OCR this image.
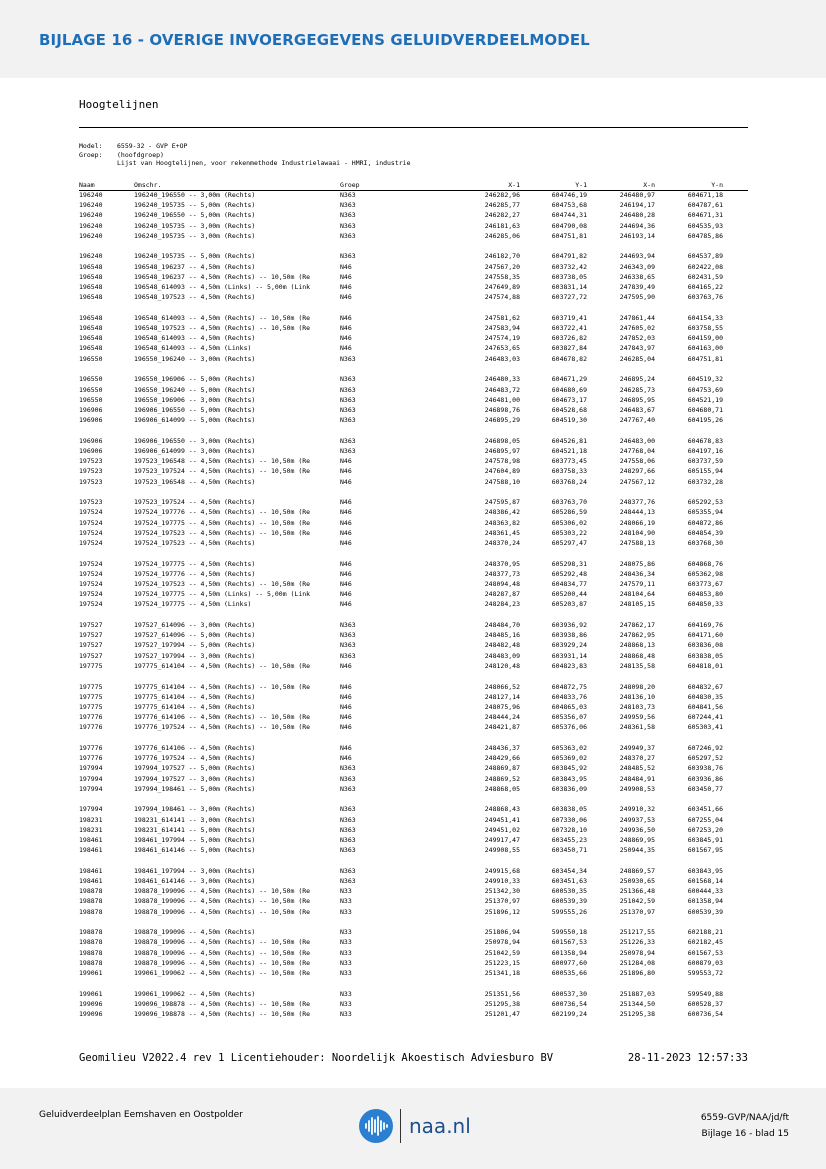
BIJLAGE 16 - OVERIGE INVOERGEGEVENS GELUIDVERDEELMODEL
Hoogtelijnen
Model:	6559-32 - GVP E+OP
Groep:	(hoofdgroep)
Lijst van Hoogtelijnen, voor rekenmethode Industrielawaai - HMRI, industrie
Naam	Omschr.	Groep	X-1	Y-1	X-n	Y-n
196240	196240_196550 -- 3,00m (Rechts)	N363	246282,96	604746,19	246480,97	604671,18
196240	196240_195735 -- 5,00m (Rechts)	N363	246285,77	604753,68	246194,17	604787,61
196240	196240_196550 -- 5,00m (Rechts)	N363	246282,27	604744,31	246480,28	604671,31
196240	196240_195735 -- 3,00m (Rechts)	N363	246181,63	604790,08	244694,36	604535,93
196240	196240_195735 -- 3,00m (Rechts)	N363	246285,06	604751,81	246193,14	604785,86
196240	196240_195735 -- 5,00m (Rechts)	N363	246182,70	604791,82	244693,94	604537,89
196548	196548_196237 -- 4,50m (Rechts)	N46	247567,20	603732,42	246343,09	602422,08
196548	196548_196237 -- 4,50m (Rechts) -- 10,50m (Re	N46	247558,35	603738,05	246338,65	602431,59
196548	196548_614093 -- 4,50m (Links) -- 5,00m (Link	N46	247649,89	603831,14	247839,49	604165,22
196548	196548_197523 -- 4,50m (Rechts)	N46	247574,88	603727,72	247595,90	603763,76
196548	196548_614093 -- 4,50m (Rechts) -- 10,50m (Re	N46	247581,62	603719,41	247861,44	604154,33
196548	196548_197523 -- 4,50m (Rechts) -- 10,50m (Re	N46	247583,94	603722,41	247605,02	603758,55
196548	196548_614093 -- 4,50m (Rechts)	N46	247574,19	603726,82	247852,03	604159,00
196548	196548_614093 -- 4,50m (Links)	N46	247653,65	603827,84	247843,97	604163,00
196550	196550_196240 -- 3,00m (Rechts)	N363	246483,03	604678,82	246285,04	604751,81
196550	196550_196906 -- 5,00m (Rechts)	N363	246480,33	604671,29	246895,24	604519,32
196550	196550_196240 -- 5,00m (Rechts)	N363	246483,72	604680,69	246285,73	604753,69
196550	196550_196906 -- 3,00m (Rechts)	N363	246481,00	604673,17	246895,95	604521,19
196906	196906_196550 -- 5,00m (Rechts)	N363	246898,76	604528,68	246483,67	604680,71
196906	196906_614099 -- 5,00m (Rechts)	N363	246895,29	604519,30	247767,40	604195,26
196906	196906_196550 -- 3,00m (Rechts)	N363	246898,05	604526,81	246483,00	604678,83
196906	196906_614099 -- 3,00m (Rechts)	N363	246895,97	604521,18	247768,04	604197,16
197523	197523_196548 -- 4,50m (Rechts) -- 10,50m (Re	N46	247578,98	603773,45	247558,06	603737,59
197523	197523_197524 -- 4,50m (Rechts) -- 10,50m (Re	N46	247604,89	603758,33	248297,66	605155,94
197523	197523_196548 -- 4,50m (Rechts)	N46	247588,10	603768,24	247567,12	603732,28
197523	197523_197524 -- 4,50m (Rechts)	N46	247595,87	603763,70	248377,76	605292,53
197524	197524_197776 -- 4,50m (Rechts) -- 10,50m (Re	N46	248386,42	605286,59	248444,13	605355,94
197524	197524_197775 -- 4,50m (Rechts) -- 10,50m (Re	N46	248363,82	605306,02	248066,19	604872,86
197524	197524_197523 -- 4,50m (Rechts) -- 10,50m (Re	N46	248361,45	605303,22	248104,90	604854,39
197524	197524_197523 -- 4,50m (Rechts)	N46	248370,24	605297,47	247588,13	603768,30
197524	197524_197775 -- 4,50m (Rechts)	N46	248370,95	605298,31	248075,86	604868,76
197524	197524_197776 -- 4,50m (Rechts)	N46	248377,73	605292,48	248436,34	605362,98
197524	197524_197523 -- 4,50m (Rechts) -- 10,50m (Re	N46	248094,48	604834,77	247579,11	603773,67
197524	197524_197775 -- 4,50m (Links) -- 5,00m (Link	N46	248287,87	605200,44	248104,64	604853,80
197524	197524_197775 -- 4,50m (Links)	N46	248284,23	605203,87	248105,15	604850,33
197527	197527_614096 -- 3,00m (Rechts)	N363	248484,70	603936,92	247862,17	604169,76
197527	197527_614096 -- 5,00m (Rechts)	N363	248485,16	603938,86	247862,95	604171,60
197527	197527_197994 -- 5,00m (Rechts)	N363	248482,48	603929,24	248868,13	603836,08
197527	197527_197994 -- 3,00m (Rechts)	N363	248483,09	603931,14	248868,48	603838,05
197775	197775_614104 -- 4,50m (Rechts) -- 10,50m (Re	N46	248120,48	604823,83	248135,58	604818,01
197775	197775_614104 -- 4,50m (Rechts) -- 10,50m (Re	N46	248066,52	604872,75	248098,20	604832,67
197775	197775_614104 -- 4,50m (Rechts)	N46	248127,14	604833,76	248136,10	604830,35
197775	197775_614104 -- 4,50m (Rechts)	N46	248075,96	604865,03	248103,73	604841,56
197776	197776_614106 -- 4,50m (Rechts) -- 10,50m (Re	N46	248444,24	605356,07	249959,56	607244,41
197776	197776_197524 -- 4,50m (Rechts) -- 10,50m (Re	N46	248421,87	605376,06	248361,58	605303,41
197776	197776_614106 -- 4,50m (Rechts)	N46	248436,37	605363,02	249949,37	607246,92
197776	197776_197524 -- 4,50m (Rechts)	N46	248429,66	605369,02	248370,27	605297,52
197994	197994_197527 -- 5,00m (Rechts)	N363	248869,87	603845,92	248485,52	603938,76
197994	197994_197527 -- 3,00m (Rechts)	N363	248869,52	603843,95	248484,91	603936,86
197994	197994_198461 -- 5,00m (Rechts)	N363	248868,05	603836,09	249908,53	603450,77
197994	197994_198461 -- 3,00m (Rechts)	N363	248868,43	603838,05	249910,32	603451,66
198231	198231_614141 -- 3,00m (Rechts)	N363	249451,41	607330,06	249937,53	607255,04
198231	198231_614141 -- 5,00m (Rechts)	N363	249451,02	607328,10	249936,50	607253,20
198461	198461_197994 -- 5,00m (Rechts)	N363	249917,47	603455,23	248869,95	603845,91
198461	198461_614146 -- 5,00m (Rechts)	N363	249908,55	603450,71	250944,35	601567,95
198461	198461_197994 -- 3,00m (Rechts)	N363	249915,68	603454,34	248869,57	603843,95
198461	198461_614146 -- 3,00m (Rechts)	N363	249910,33	603451,63	250930,65	601568,14
198878	198878_199096 -- 4,50m (Rechts) -- 10,50m (Re	N33	251342,30	600530,35	251366,48	600444,33
198878	198878_199096 -- 4,50m (Rechts) -- 10,50m (Re	N33	251370,97	600539,39	251042,59	601358,94
198878	198878_199096 -- 4,50m (Rechts) -- 10,50m (Re	N33	251896,12	599555,26	251370,97	600539,39
198878	198878_199096 -- 4,50m (Rechts)	N33	251806,94	599550,18	251217,55	602188,21
198878	198878_199096 -- 4,50m (Rechts) -- 10,50m (Re	N33	250978,94	601567,53	251226,33	602182,45
198878	198878_199096 -- 4,50m (Rechts) -- 10,50m (Re	N33	251042,59	601358,94	250978,94	601567,53
198878	198878_199096 -- 4,50m (Rechts) -- 10,50m (Re	N33	251223,15	600977,60	251284,08	600879,03
199061	199061_199062 -- 4,50m (Rechts) -- 10,50m (Re	N33	251341,18	600535,66	251896,80	599553,72
199061	199061_199062 -- 4,50m (Rechts)	N33	251351,56	600537,30	251887,03	599549,88
199096	199096_198878 -- 4,50m (Rechts) -- 10,50m (Re	N33	251295,38	600736,54	251344,50	600528,37
199096	199096_198878 -- 4,50m (Rechts) -- 10,50m (Re	N33	251201,47	602199,24	251295,38	600736,54
Geomilieu V2022.4 rev 1 Licentiehouder: Noordelijk Akoestisch Adviesburo BV	28-11-2023 12:57:33
Geluidverdeelplan Eemshaven en Oostpolder	naa.nl	6559-GVP/NAA/jd/ft
Bijlage 16 - blad 15
